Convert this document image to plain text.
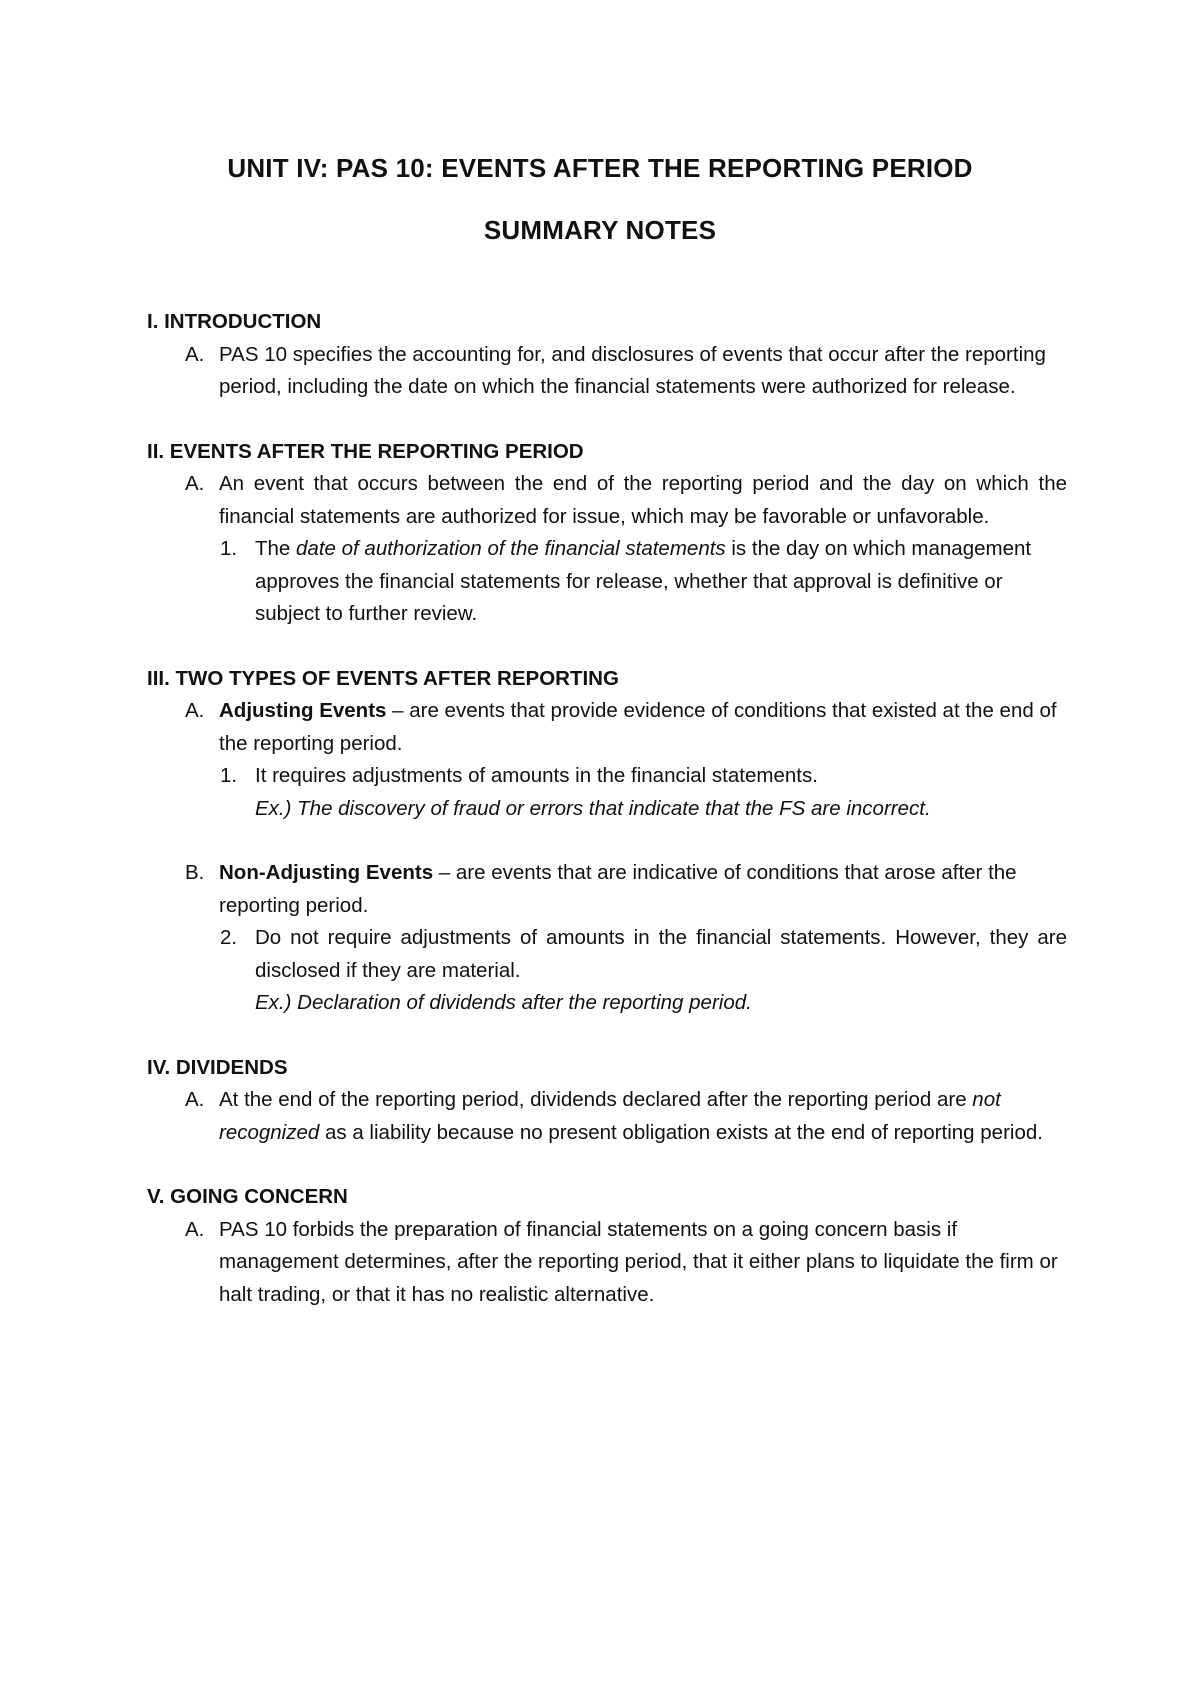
UNIT IV: PAS 10: EVENTS AFTER THE REPORTING PERIOD
SUMMARY NOTES

I. INTRODUCTION

A. PAS 10 specifies the accounting for, and disclosures of events that occur after the reporting period, including the date on which the financial statements were authorized for release.

II. EVENTS AFTER THE REPORTING PERIOD

A. An event that occurs between the end of the reporting period and the day on which the financial statements are authorized for issue, which may be favorable or unfavorable.
1. The date of authorization of the financial statements is the day on which management approves the financial statements for release, whether that approval is definitive or subject to further review.

III. TWO TYPES OF EVENTS AFTER REPORTING

A. Adjusting Events – are events that provide evidence of conditions that existed at the end of the reporting period.
1. It requires adjustments of amounts in the financial statements.

Ex.) The discovery of fraud or errors that indicate that the FS are incorrect.

B. Non-Adjusting Events – are events that are indicative of conditions that arose after the reporting period.
2. Do not require adjustments of amounts in the financial statements. However, they are disclosed if they are material.

Ex.) Declaration of dividends after the reporting period.

IV. DIVIDENDS

A. At the end of the reporting period, dividends declared after the reporting period are not recognized as a liability because no present obligation exists at the end of reporting period.

V. GOING CONCERN

A. PAS 10 forbids the preparation of financial statements on a going concern basis if management determines, after the reporting period, that it either plans to liquidate the firm or halt trading, or that it has no realistic alternative.
